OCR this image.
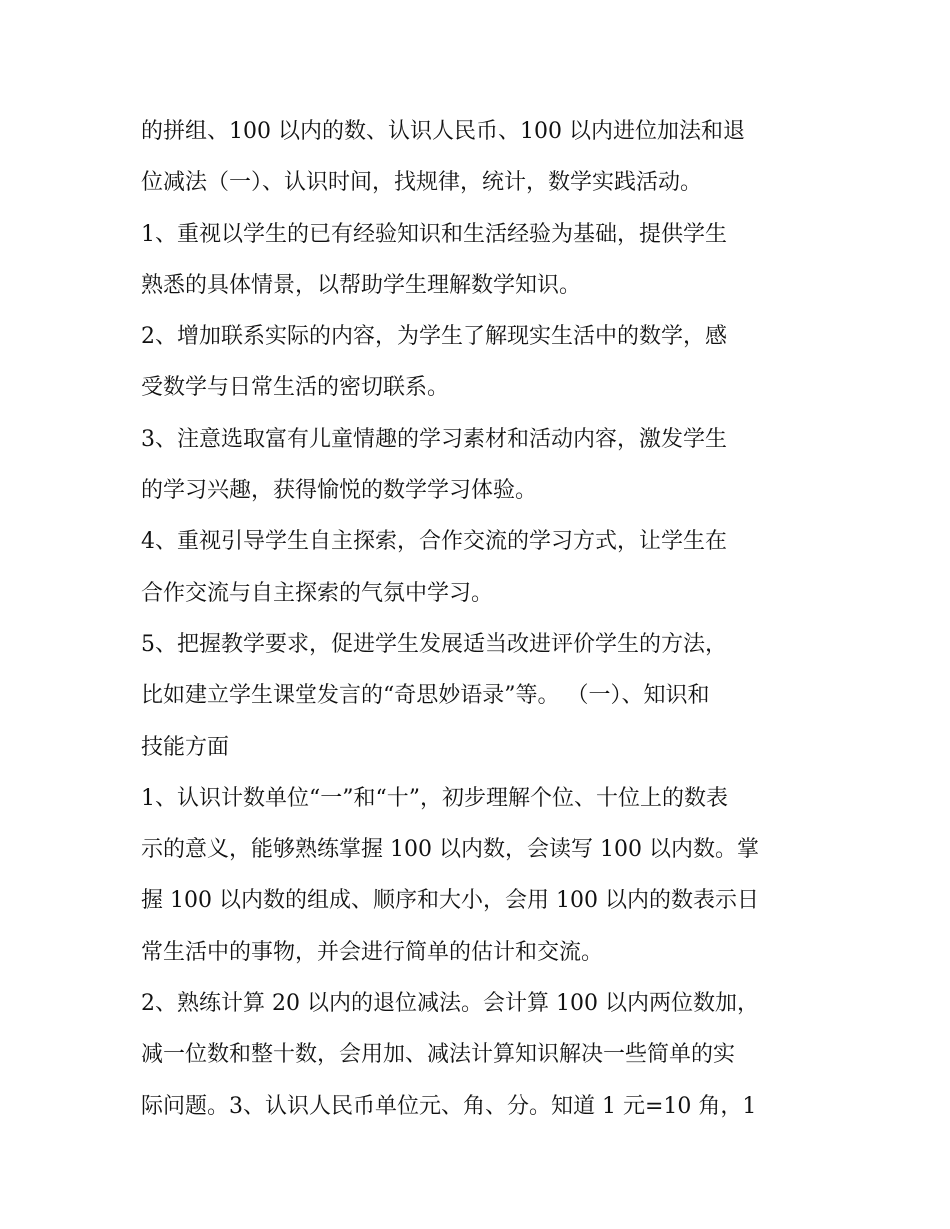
的拼组、100 以内的数、认识人民币、100 以内进位加法和退
位减法（一）、认识时间，找规律，统计，数学实践活动。
1、重视以学生的已有经验知识和生活经验为基础，提供学生
熟悉的具体情景，以帮助学生理解数学知识。
2、增加联系实际的内容，为学生了解现实生活中的数学，感
受数学与日常生活的密切联系。
3、注意选取富有儿童情趣的学习素材和活动内容，激发学生
的学习兴趣，获得愉悦的数学学习体验。
4、重视引导学生自主探索，合作交流的学习方式，让学生在
合作交流与自主探索的气氛中学习。
5、把握教学要求，促进学生发展适当改进评价学生的方法，
比如建立学生课堂发言的“奇思妙语录”等。 （一）、知识和
技能方面
1、认识计数单位“一”和“十”，初步理解个位、十位上的数表
示的意义，能够熟练掌握 100 以内数，会读写 100 以内数。掌
握 100 以内数的组成、顺序和大小，会用 100 以内的数表示日
常生活中的事物，并会进行简单的估计和交流。
2、熟练计算 20 以内的退位减法。会计算 100 以内两位数加，
减一位数和整十数，会用加、减法计算知识解决一些简单的实
际问题。3、认识人民币单位元、角、分。知道 1 元=10 角，1
